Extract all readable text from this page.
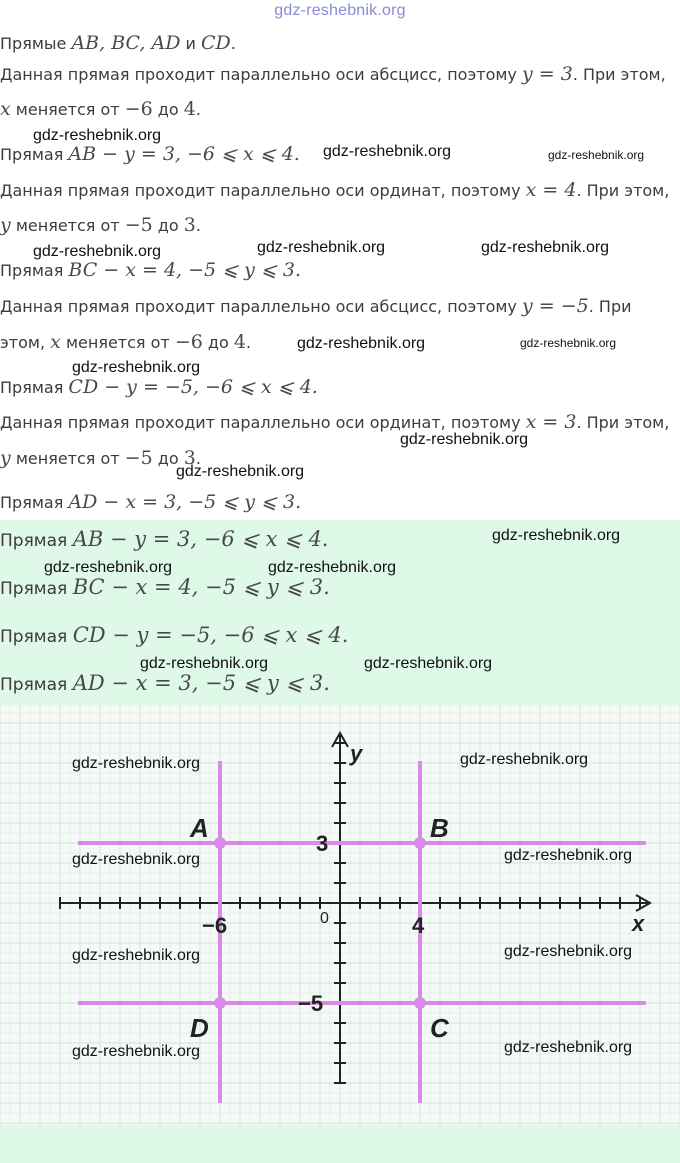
gdz-reshebnik.org
Прямые AB, BC, AD и CD.
Данная прямая проходит параллельно оси абсцисс, поэтому y = 3. При этом,
x меняется от −6 до 4.
Прямая AB − y = 3, −6 ⩽ x ⩽ 4.
Данная прямая проходит параллельно оси ординат, поэтому x = 4. При этом,
y меняется от −5 до 3.
Прямая BC − x = 4, −5 ⩽ y ⩽ 3.
Данная прямая проходит параллельно оси абсцисс, поэтому y = −5. При
этом, x меняется от −6 до 4.
Прямая CD − y = −5, −6 ⩽ x ⩽ 4.
Данная прямая проходит параллельно оси ординат, поэтому x = 3. При этом,
y меняется от −5 до 3.
Прямая AD − x = 3, −5 ⩽ y ⩽ 3.
Прямая AB − y = 3, −6 ⩽ x ⩽ 4.
Прямая BC − x = 4, −5 ⩽ y ⩽ 3.
Прямая CD − y = −5, −6 ⩽ x ⩽ 4.
Прямая AD − x = 3, −5 ⩽ y ⩽ 3.
A	B
C
D
−6	4
3
−5
0	x
y
gdz-reshebnik.org
gdz-reshebnik.org	gdz-reshebnik.org
gdz-reshebnik.org	gdz-reshebnik.org	gdz-reshebnik.org
gdz-reshebnik.org	gdz-reshebnik.org
gdz-reshebnik.org
gdz-reshebnik.org
gdz-reshebnik.org
gdz-reshebnik.org
gdz-reshebnik.org	gdz-reshebnik.org
gdz-reshebnik.org	gdz-reshebnik.org
gdz-reshebnik.org	gdz-reshebnik.org
gdz-reshebnik.org	gdz-reshebnik.org
gdz-reshebnik.org	gdz-reshebnik.org
gdz-reshebnik.org	gdz-reshebnik.org
